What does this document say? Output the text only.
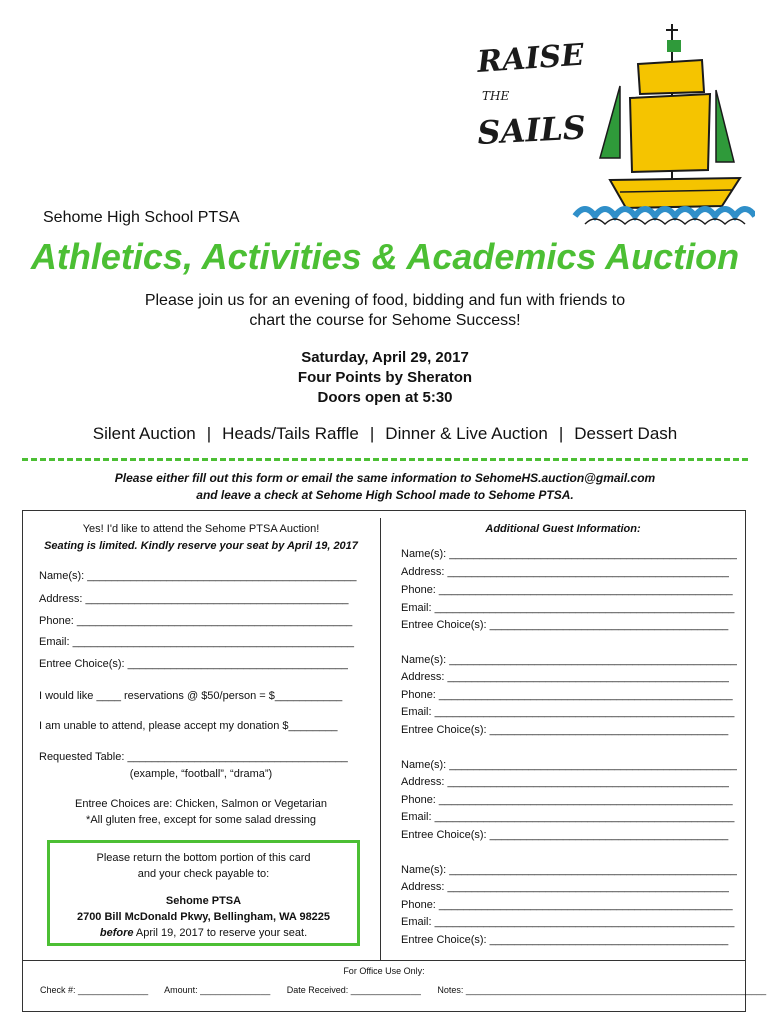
RAISE
THE
SAILS
Sehome High School PTSA
Athletics, Activities & Academics Auction
Please join us for an evening of food, bidding and fun with friends to
chart the course for Sehome Success!
Saturday, April 29, 2017
Four Points by Sheraton
Doors open at 5:30
Silent Auction | Heads/Tails Raffle | Dinner & Live Auction | Dessert Dash
Please either fill out this form or email the same information to SehomeHS.auction@gmail.com
and leave a check at Sehome High School made to Sehome PTSA.
Yes! I'd like to attend the Sehome PTSA Auction!
Seating is limited. Kindly reserve your seat by April 19, 2017
Name(s): ____________________________________________
Address: ___________________________________________
Phone: _____________________________________________
Email: ______________________________________________
Entree Choice(s): ____________________________________
I would like ____ reservations @ $50/person = $___________
I am unable to attend, please accept my donation $________
Requested Table: ____________________________________
(example, “football”, “drama”)
Entree Choices are: Chicken, Salmon or Vegetarian
*All gluten free, except for some salad dressing
Please return the bottom portion of this card
and your check payable to:
Sehome PTSA
2700 Bill McDonald Pkwy, Bellingham, WA 98225
before April 19, 2017 to reserve your seat.
Additional Guest Information:
Name(s): _______________________________________________
Address: ______________________________________________
Phone: ________________________________________________
Email: _________________________________________________
Entree Choice(s): _______________________________________
Name(s): _______________________________________________
Address: ______________________________________________
Phone: ________________________________________________
Email: _________________________________________________
Entree Choice(s): _______________________________________
Name(s): _______________________________________________
Address: ______________________________________________
Phone: ________________________________________________
Email: _________________________________________________
Entree Choice(s): _______________________________________
Name(s): _______________________________________________
Address: ______________________________________________
Phone: ________________________________________________
Email: _________________________________________________
Entree Choice(s): _______________________________________
For Office Use Only:
Check #: ______________ Amount: ______________ Date Received: ______________ Notes: ____________________________________________________________
